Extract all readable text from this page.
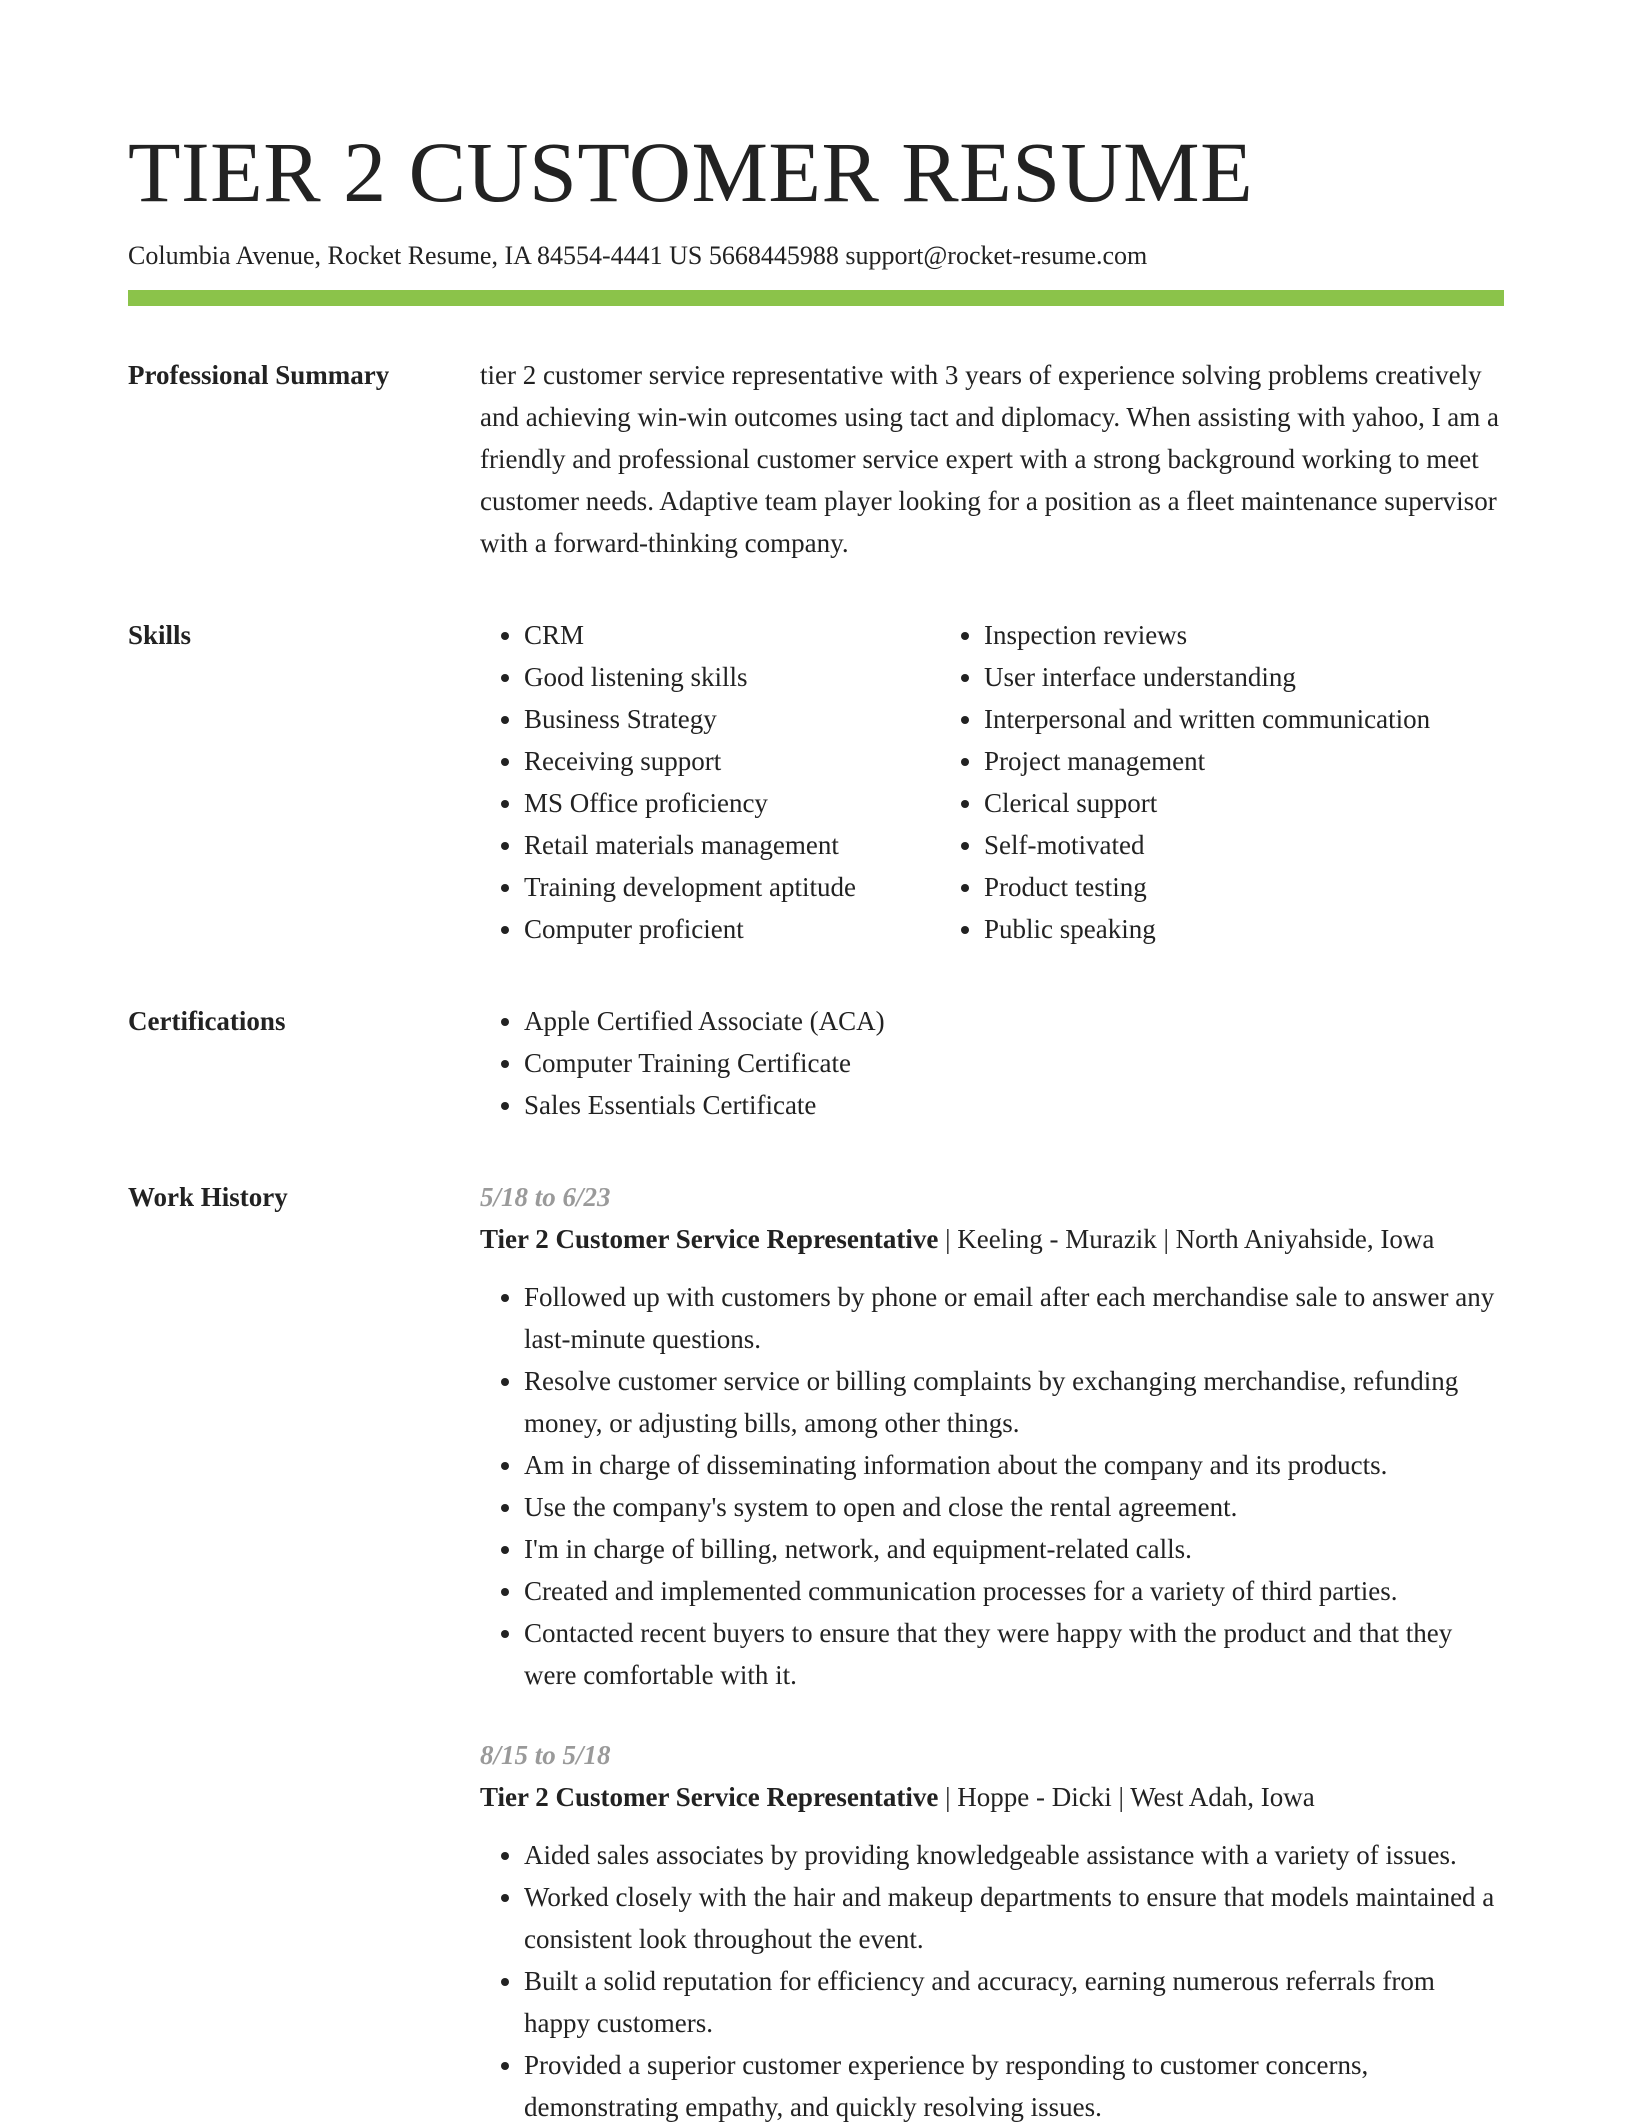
TIER 2 CUSTOMER RESUME
Columbia Avenue, Rocket Resume, IA 84554-4441 US 5668445988 support@rocket-resume.com
Professional Summary	tier 2 customer service representative with 3 years of experience solving problems creatively and achieving win-win outcomes using tact and diplomacy. When assisting with yahoo, I am a friendly and professional customer service expert with a strong background working to meet customer needs. Adaptive team player looking for a position as a fleet maintenance supervisor with a forward-thinking company.

Skills	• CRM
• Good listening skills
• Business Strategy
• Receiving support
• MS Office proficiency
• Retail materials management
• Training development aptitude
• Computer proficient
• Inspection reviews
• User interface understanding
• Interpersonal and written communication
• Project management
• Clerical support
• Self-motivated
• Product testing
• Public speaking
Certifications	• Apple Certified Associate (ACA)
• Computer Training Certificate
• Sales Essentials Certificate
Work History	5/18 to 6/23
Tier 2 Customer Service Representative | Keeling - Murazik | North Aniyahside, Iowa
• Followed up with customers by phone or email after each merchandise sale to answer any last-minute questions.
• Resolve customer service or billing complaints by exchanging merchandise, refunding money, or adjusting bills, among other things.
• Am in charge of disseminating information about the company and its products.
• Use the company's system to open and close the rental agreement.
• I'm in charge of billing, network, and equipment-related calls.
• Created and implemented communication processes for a variety of third parties.
• Contacted recent buyers to ensure that they were happy with the product and that they were comfortable with it.
8/15 to 5/18
Tier 2 Customer Service Representative | Hoppe - Dicki | West Adah, Iowa
• Aided sales associates by providing knowledgeable assistance with a variety of issues.
• Worked closely with the hair and makeup departments to ensure that models maintained a consistent look throughout the event.
• Built a solid reputation for efficiency and accuracy, earning numerous referrals from happy customers.
• Provided a superior customer experience by responding to customer concerns, demonstrating empathy, and quickly resolving issues.
